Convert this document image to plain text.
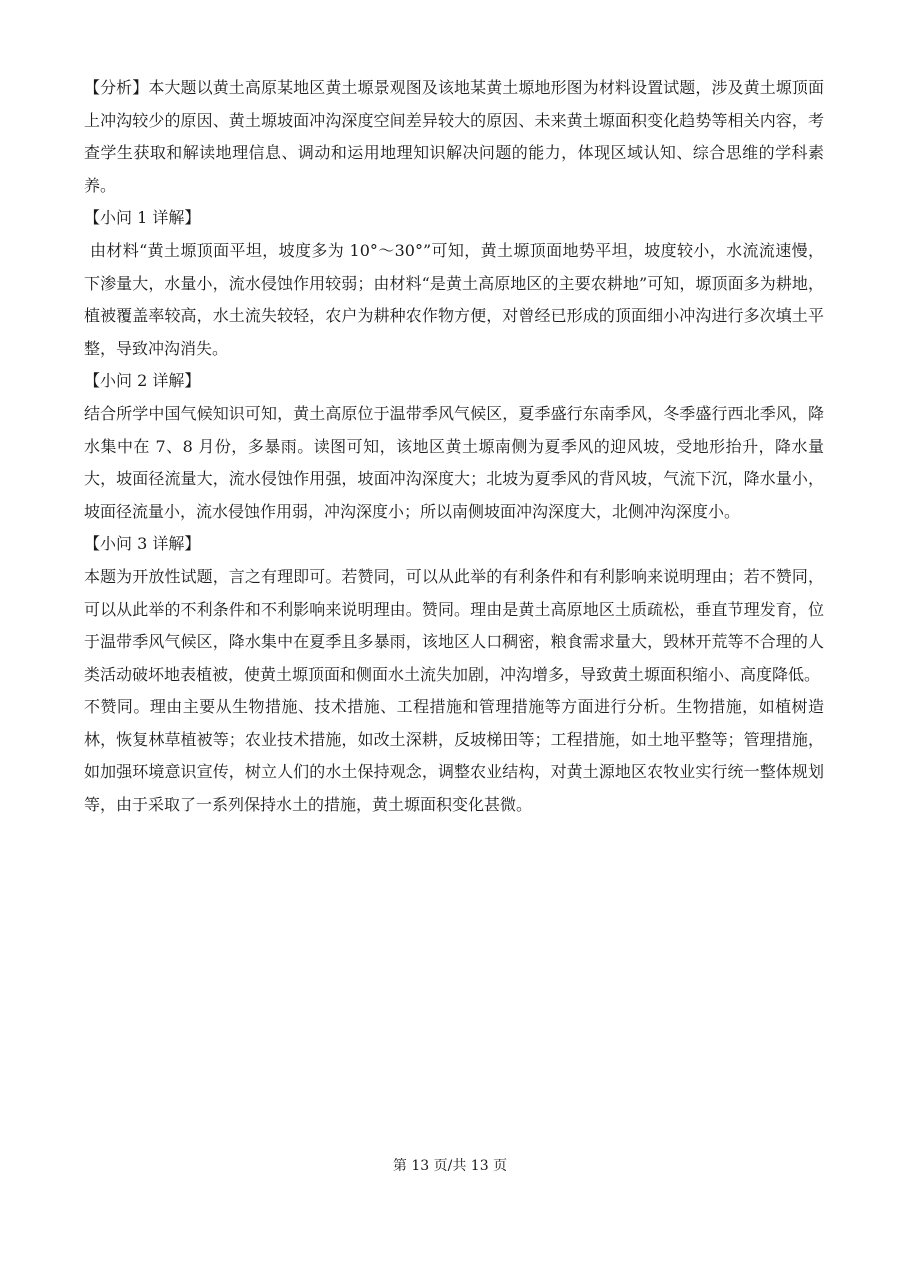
【分析】本大题以黄土高原某地区黄土塬景观图及该地某黄土塬地形图为材料设置试题，涉及黄土塬顶面上冲沟较少的原因、黄土塬坡面冲沟深度空间差异较大的原因、未来黄土塬面积变化趋势等相关内容，考查学生获取和解读地理信息、调动和运用地理知识解决问题的能力，体现区域认知、综合思维的学科素养。

【小问 1 详解】

由材料“黄土塬顶面平坦，坡度多为 10°～30°”可知，黄土塬顶面地势平坦，坡度较小，水流流速慢，下渗量大，水量小，流水侵蚀作用较弱；由材料“是黄土高原地区的主要农耕地”可知，塬顶面多为耕地，植被覆盖率较高，水土流失较轻，农户为耕种农作物方便，对曾经已形成的顶面细小冲沟进行多次填土平整，导致冲沟消失。

【小问 2 详解】

结合所学中国气候知识可知，黄土高原位于温带季风气候区，夏季盛行东南季风，冬季盛行西北季风，降水集中在 7、8 月份，多暴雨。读图可知，该地区黄土塬南侧为夏季风的迎风坡，受地形抬升，降水量大，坡面径流量大，流水侵蚀作用强，坡面冲沟深度大；北坡为夏季风的背风坡，气流下沉，降水量小，坡面径流量小，流水侵蚀作用弱，冲沟深度小；所以南侧坡面冲沟深度大，北侧冲沟深度小。

【小问 3 详解】

本题为开放性试题，言之有理即可。若赞同，可以从此举的有利条件和有利影响来说明理由；若不赞同，可以从此举的不利条件和不利影响来说明理由。赞同。理由是黄土高原地区土质疏松，垂直节理发育，位于温带季风气候区，降水集中在夏季且多暴雨，该地区人口稠密，粮食需求量大，毁林开荒等不合理的人类活动破坏地表植被，使黄土塬顶面和侧面水土流失加剧，冲沟增多，导致黄土塬面积缩小、高度降低。

不赞同。理由主要从生物措施、技术措施、工程措施和管理措施等方面进行分析。生物措施，如植树造林，恢复林草植被等；农业技术措施，如改土深耕，反坡梯田等；工程措施，如土地平整等；管理措施，如加强环境意识宣传，树立人们的水土保持观念，调整农业结构，对黄土源地区农牧业实行统一整体规划等，由于采取了一系列保持水土的措施，黄土塬面积变化甚微。

第 13 页/共 13 页
